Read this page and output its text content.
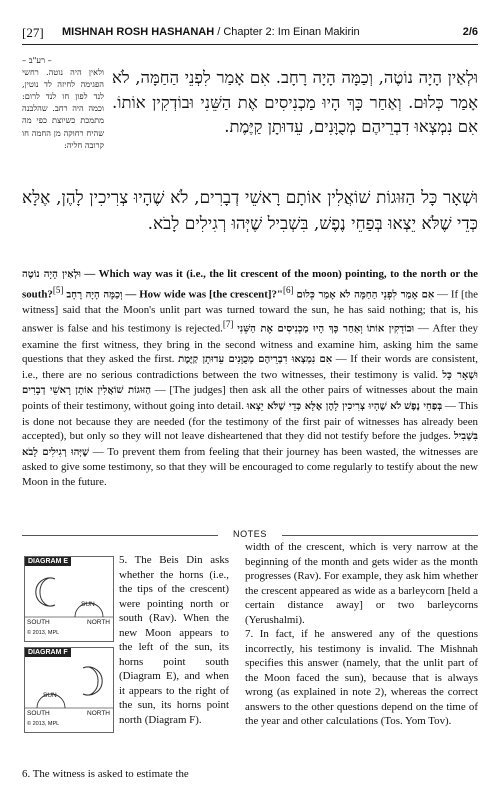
[27] MISHNAH ROSH HASHANAH / Chapter 2: Im Einan Makirin	2/6
– רע"ב –
ולאין היה נוטה. רחשי הפגימה לחיזה לד נוטין, לנד לפון חו לנד לרום: וכמה היה רחב. שהלבנה מתמכת כשיוצת כפי מה שהיח רחוקה מן החמה חו קרובה חליה:
וּלְאַין הָיָה נוֹטֶה, וְכַמָּה הָיָה רָחָב. אִם אָמַר לִפְנֵי הַחַמָּה, לֹא אָמַר כְּלוּם. וְאַחַר כָּךְ הָיוּ מַכְנִיסִים אֶת הַשֵּׁנִי וּבוֹדְקִין אוֹתוֹ. אִם נִמְצְאוּ דִבְרֵיהֶם מְכֻוָּנִים, עֵדוּתָן קַיֶּמֶת.
וּשְׁאָר כָּל הַזּוּגוֹת שׁוֹאֲלִין אוֹתָם רָאשֵׁי דְבָרִים, לֹא שֶׁהָיוּ צְרִיכִין לָהֶן, אֶלָּא כְּדֵי שֶׁלֹּא יֵצְאוּ בְּפַחֵי נֶפֶשׁ, בִּשְׁבִיל שֶׁיְּהוּ רְגִילִים לָבֹא.
וּלְאַין הָיָה נוֹטֶה — Which way was it (i.e., the lit crescent of the moon) pointing, to the north or the south?[5] וְכַמָּה הָיָה רָחָב — How wide was [the crescent]?"[6] אִם אָמַר לִפְנֵי הַחַמָּה לֹא אָמַר כְּלוּם — If [the witness] said that the Moon's unlit part was turned toward the sun, he has said nothing; that is, his answer is false and his testimony is rejected.[7] וְאַחַר כָּךְ הָיוּ מַכְנִיסִים אֶת הַשֵּׁנִי וּבוֹדְקִין אוֹתוֹ — After they examine the first witness, they bring in the second witness and examine him, asking him the same questions that they asked the first. אִם נִמְצְאוּ דִבְרֵיהֶם מְכֻוָּנִים עֵדוּתָן קַיֶּמֶת — If their words are consistent, i.e., there are no serious contradictions between the two witnesses, their testimony is valid. וּשְׁאָר כָּל הַזּוּגוֹת שׁוֹאֲלִין אוֹתָן רָאשֵׁי דְבָרִים — [The judges] then ask all the other pairs of witnesses about the main points of their testimony, without going into detail. לֹא שֶׁהָיוּ צְרִיכִין לָהֶן אֶלָּא כְּדֵי שֶׁלֹּא יֵצְאוּ בְּפַחֵי נֶפֶשׁ — This is done not because they are needed (for the testimony of the first pair of witnesses has already been accepted), but only so they will not leave disheartened that they did not testify before the judges. בִּשְׁבִיל שֶׁיְּהוּ רְגִילִים לָבֹא — To prevent them from feeling that their journey has been wasted, the witnesses are asked to give some testimony, so that they will be encouraged to come regularly to testify about the new Moon in the future.
NOTES
DIAGRAM E
SUN
SOUTH	NORTH
© 2013, MPL
DIAGRAM F
SUN
SOUTH	NORTH
© 2013, MPL

5. The Beis Din asks whether the horns (i.e., the tips of the crescent) were pointing north or south (Rav). When the new Moon appears to the left of the sun, its horns point south (Diagram E), and when it appears to the right of the sun, its horns point north (Diagram F).

6. The witness is asked to estimate the

width of the crescent, which is very narrow at the beginning of the month and gets wider as the month progresses (Rav). For example, they ask him whether the crescent appeared as wide as a barleycorn [held a certain distance away] or two barleycorns (Yerushalmi).

7. In fact, if he answered any of the questions incorrectly, his testimony is invalid. The Mishnah specifies this answer (namely, that the unlit part of the Moon faced the sun), because that is always wrong (as explained in note 2), whereas the correct answers to the other questions depend on the time of the year and other calculations (Tos. Yom Tov).
